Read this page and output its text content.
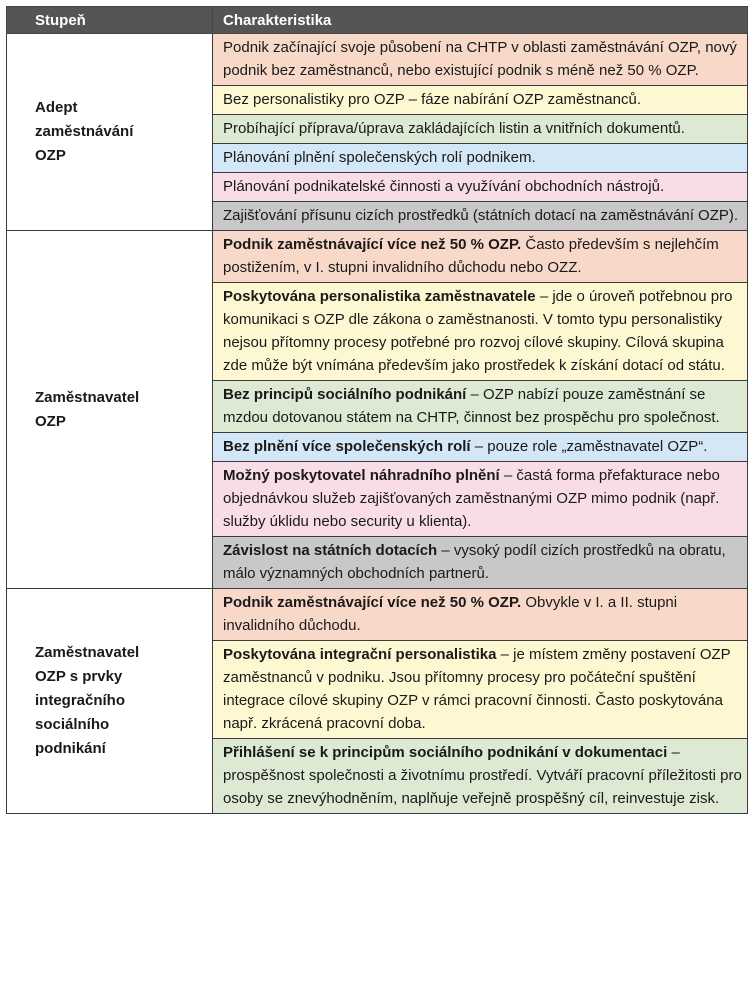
Stupeň	Charakteristika
Adept
zaměstnávání
OZP	Podnik začínající svoje působení na CHTP v oblasti zaměstnávání OZP, nový podnik bez zaměstnanců, nebo existující podnik s méně než 50 % OZP.
	Bez personalistiky pro OZP – fáze nabírání OZP zaměstnanců.
	Probíhající příprava/úprava zakládajících listin a vnitřních dokumentů.
	Plánování plnění společenských rolí podnikem.
	Plánování podnikatelské činnosti a využívání obchodních nástrojů.
	Zajišťování přísunu cizích prostředků (státních dotací na zaměstnávání OZP).
Zaměstnavatel
OZP	Podnik zaměstnávající více než 50 % OZP. Často především s nejlehčím postižením, v I. stupni invalidního důchodu nebo OZZ.
	Poskytována personalistika zaměstnavatele – jde o úroveň potřebnou pro komunikaci s OZP dle zákona o zaměstnanosti. V tomto typu personalistiky nejsou přítomny procesy potřebné pro rozvoj cílové skupiny. Cílová skupina zde může být vnímána především jako prostředek k získání dotací od státu.
	Bez principů sociálního podnikání – OZP nabízí pouze zaměstnání se mzdou dotovanou státem na CHTP, činnost bez prospěchu pro společnost.
	Bez plnění více společenských rolí – pouze role „zaměstnavatel OZP“.
	Možný poskytovatel náhradního plnění – častá forma přefakturace nebo objednávkou služeb zajišťovaných zaměstnanými OZP mimo podnik (např. služby úklidu nebo security u klienta).
	Závislost na státních dotacích – vysoký podíl cizích prostředků na obratu, málo významných obchodních partnerů.
Zaměstnavatel
OZP s prvky
integračního
sociálního
podnikání	Podnik zaměstnávající více než 50 % OZP. Obvykle v I. a II. stupni invalidního důchodu.
	Poskytována integrační personalistika – je místem změny postavení OZP zaměstnanců v podniku. Jsou přítomny procesy pro počáteční spuštění integrace cílové skupiny OZP v rámci pracovní činnosti. Často poskytována např. zkrácená pracovní doba.
	Přihlášení se k principům sociálního podnikání v dokumentaci – prospěšnost společnosti a životnímu prostředí. Vytváří pracovní příležitosti pro osoby se znevýhodněním, naplňuje veřejně prospěšný cíl, reinvestuje zisk.
